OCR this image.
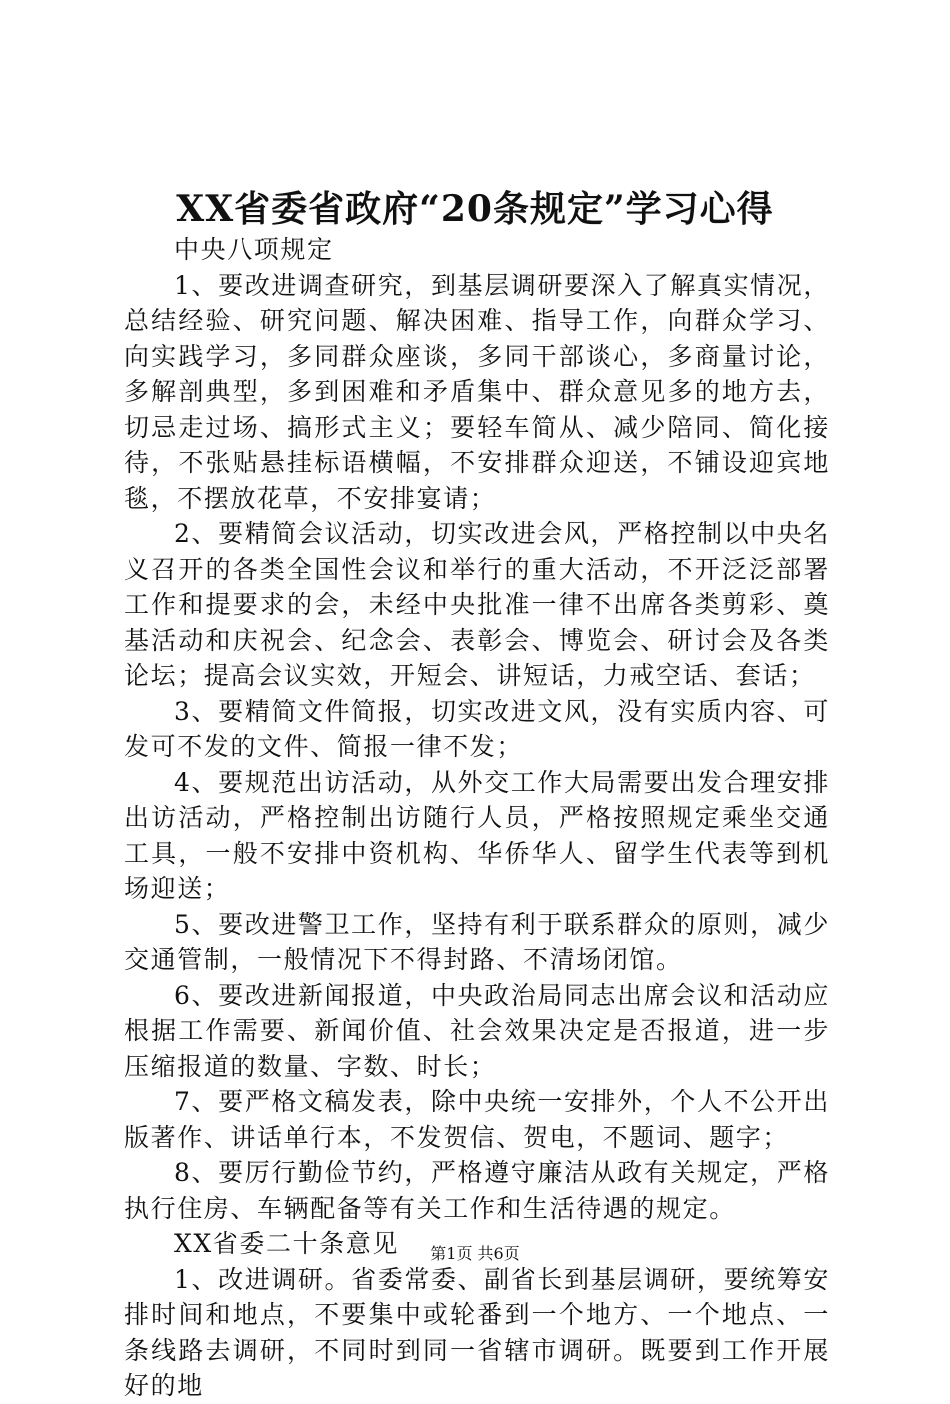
XX省委省政府“20条规定”学习心得

中央八项规定

1、要改进调查研究，到基层调研要深入了解真实情况，总结经验、研究问题、解决困难、指导工作，向群众学习、向实践学习，多同群众座谈，多同干部谈心，多商量讨论，多解剖典型，多到困难和矛盾集中、群众意见多的地方去，切忌走过场、搞形式主义；要轻车简从、减少陪同、简化接待，不张贴悬挂标语横幅，不安排群众迎送，不铺设迎宾地毯，不摆放花草，不安排宴请；

2、要精简会议活动，切实改进会风，严格控制以中央名义召开的各类全国性会议和举行的重大活动，不开泛泛部署工作和提要求的会，未经中央批准一律不出席各类剪彩、奠基活动和庆祝会、纪念会、表彰会、博览会、研讨会及各类论坛；提高会议实效，开短会、讲短话，力戒空话、套话；

3、要精简文件简报，切实改进文风，没有实质内容、可发可不发的文件、简报一律不发；

4、要规范出访活动，从外交工作大局需要出发合理安排出访活动，严格控制出访随行人员，严格按照规定乘坐交通工具，一般不安排中资机构、华侨华人、留学生代表等到机场迎送；

5、要改进警卫工作，坚持有利于联系群众的原则，减少交通管制，一般情况下不得封路、不清场闭馆。

6、要改进新闻报道，中央政治局同志出席会议和活动应根据工作需要、新闻价值、社会效果决定是否报道，进一步压缩报道的数量、字数、时长；

7、要严格文稿发表，除中央统一安排外，个人不公开出版著作、讲话单行本，不发贺信、贺电，不题词、题字；

8、要厉行勤俭节约，严格遵守廉洁从政有关规定，严格执行住房、车辆配备等有关工作和生活待遇的规定。

XX省委二十条意见

1、改进调研。省委常委、副省长到基层调研，要统筹安排时间和地点，不要集中或轮番到一个地方、一个地点、一条线路去调研，不同时到同一省辖市调研。既要到工作开展好的地

第1页 共6页
